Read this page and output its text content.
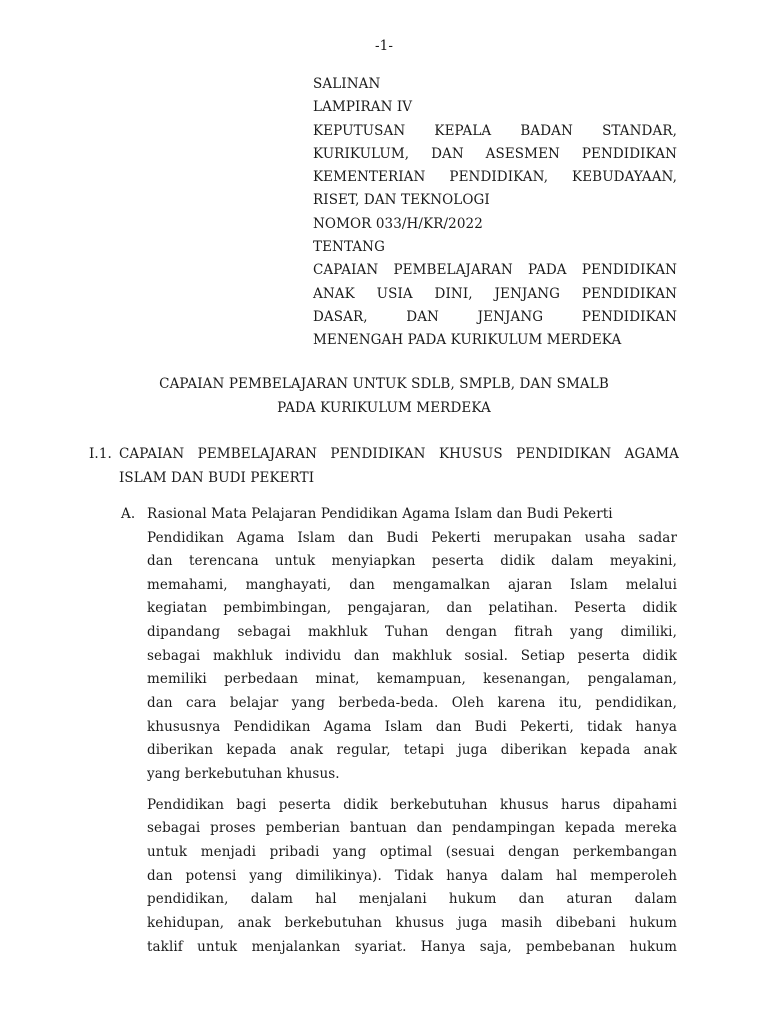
-1-
SALINAN
LAMPIRAN IV
KEPUTUSAN KEPALA BADAN STANDAR,
KURIKULUM, DAN ASESMEN PENDIDIKAN
KEMENTERIAN PENDIDIKAN, KEBUDAYAAN,
RISET, DAN TEKNOLOGI
NOMOR 033/H/KR/2022
TENTANG
CAPAIAN PEMBELAJARAN PADA PENDIDIKAN
ANAK USIA DINI, JENJANG PENDIDIKAN
DASAR, DAN JENJANG PENDIDIKAN
MENENGAH PADA KURIKULUM MERDEKA
CAPAIAN PEMBELAJARAN UNTUK SDLB, SMPLB, DAN SMALB
PADA KURIKULUM MERDEKA
I.1. CAPAIAN PEMBELAJARAN PENDIDIKAN KHUSUS PENDIDIKAN AGAMA ISLAM DAN BUDI PEKERTI
A. Rasional Mata Pelajaran Pendidikan Agama Islam dan Budi Pekerti
Pendidikan Agama Islam dan Budi Pekerti merupakan usaha sadar
dan terencana untuk menyiapkan peserta didik dalam meyakini,
memahami, manghayati, dan mengamalkan ajaran Islam melalui
kegiatan pembimbingan, pengajaran, dan pelatihan. Peserta didik
dipandang sebagai makhluk Tuhan dengan fitrah yang dimiliki,
sebagai makhluk individu dan makhluk sosial. Setiap peserta didik
memiliki perbedaan minat, kemampuan, kesenangan, pengalaman,
dan cara belajar yang berbeda-beda. Oleh karena itu, pendidikan,
khususnya Pendidikan Agama Islam dan Budi Pekerti, tidak hanya
diberikan kepada anak regular, tetapi juga diberikan kepada anak
yang berkebutuhan khusus.
Pendidikan bagi peserta didik berkebutuhan khusus harus dipahami
sebagai proses pemberian bantuan dan pendampingan kepada mereka
untuk menjadi pribadi yang optimal (sesuai dengan perkembangan
dan potensi yang dimilikinya). Tidak hanya dalam hal memperoleh
pendidikan, dalam hal menjalani hukum dan aturan dalam
kehidupan, anak berkebutuhan khusus juga masih dibebani hukum
taklif untuk menjalankan syariat. Hanya saja, pembebanan hukum
